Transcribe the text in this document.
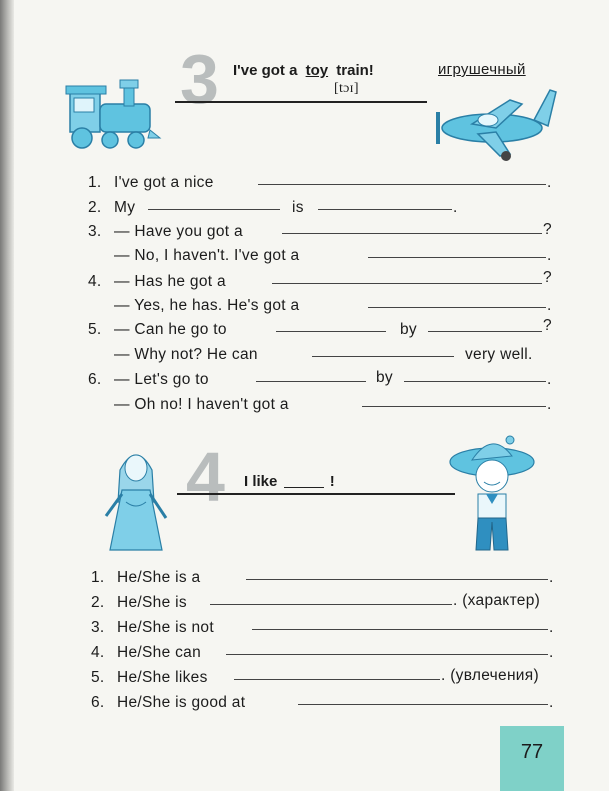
3 I've got a toy train!	игрушечный
[tɔɪ]
1. I've got a nice	.
2. My	is	.
3. — Have you got a	?
— No, I haven't. I've got a	.
4. — Has he got a	?
— Yes, he has. He's got a	.
5. — Can he go to	by	?
— Why not? He can	very well.
6. — Let's go to	by	.
— Oh no! I haven't got a	.
4 I like	!
1. He/She is a	.
2. He/She is	. (характер)
3. He/She is not	.
4. He/She can	.
5. He/She likes	. (увлечения)
6. He/She is good at	.
77
